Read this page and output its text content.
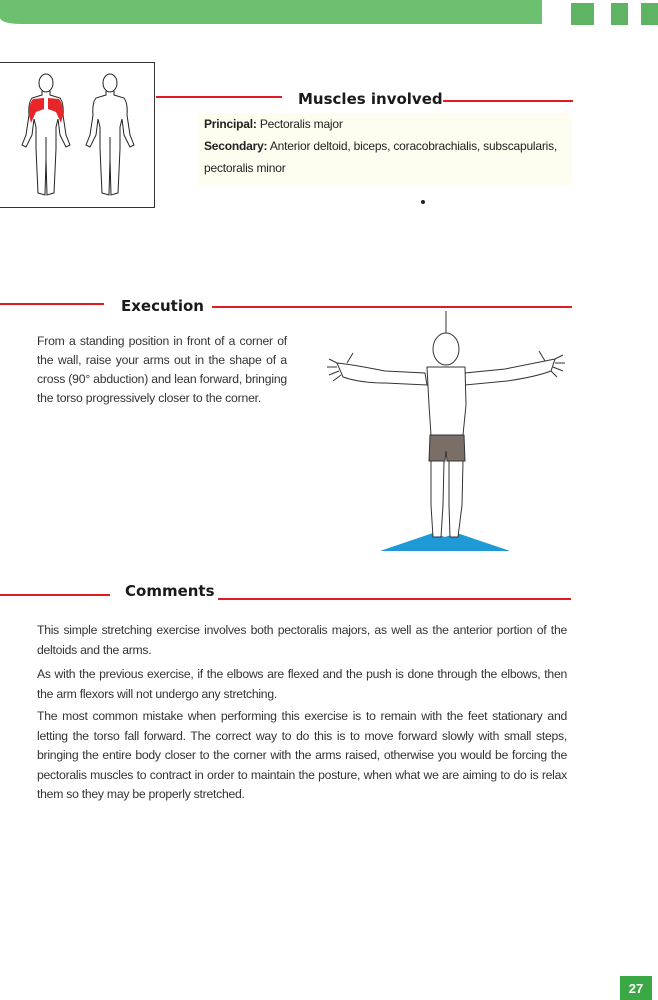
Muscles involved
Principal: Pectoralis major
Secondary: Anterior deltoid, biceps, coracobrachialis, subscapularis,
pectoralis minor
Execution
From a standing position in front of a corner of the wall, raise your arms out in the shape of a cross (90° abduction) and lean forward, bringing the torso progressively closer to the corner.
Comments

This simple stretching exercise involves both pectoralis majors, as well as the anterior portion of the deltoids and the arms.

As with the previous exercise, if the elbows are flexed and the push is done through the elbows, then the arm flexors will not undergo any stretching.

The most common mistake when performing this exercise is to remain with the feet stationary and letting the torso fall forward. The correct way to do this is to move forward slowly with small steps, bringing the entire body closer to the corner with the arms raised, otherwise you would be forcing the pectoralis muscles to contract in order to maintain the posture, when what we are aiming to do is relax them so they may be properly stretched.

27
